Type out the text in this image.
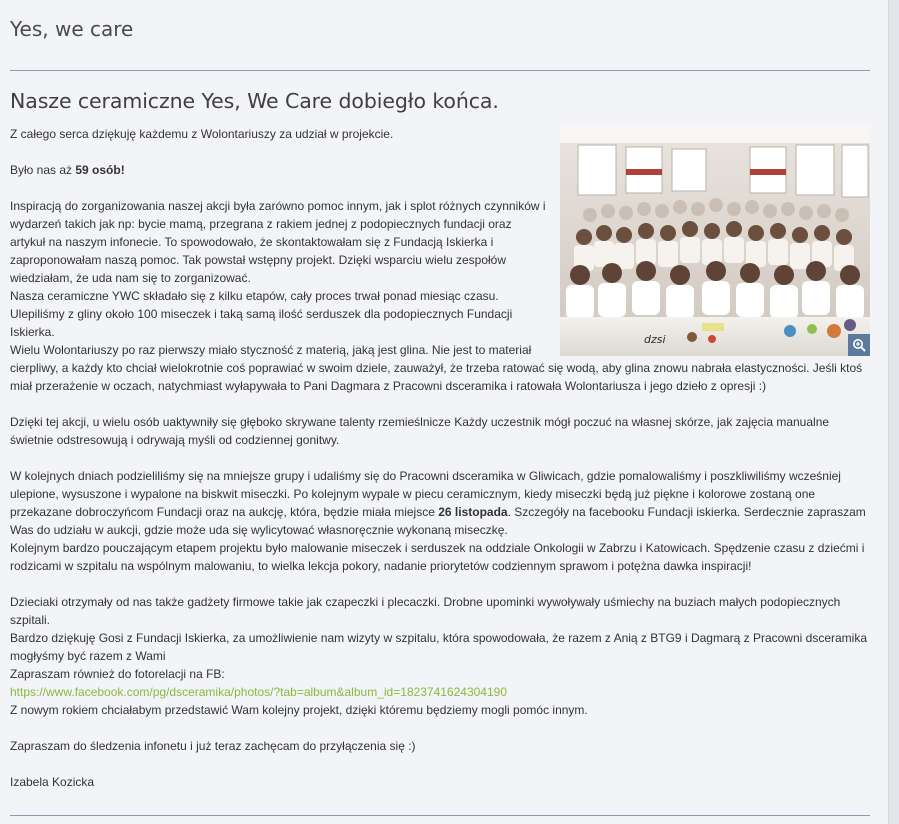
Yes, we care
Nasze ceramiczne Yes, We Care dobiegło końca.
dzsi

Z całego serca dziękuję każdemu z Wolontariuszy za udział w projekcie.

Było nas aż 59 osób!

Inspiracją do zorganizowania naszej akcji była zarówno pomoc innym, jak i splot różnych czynników i wydarzeń takich jak np: bycie mamą, przegrana z rakiem jednej z podopiecznych fundacji oraz artykuł na naszym infonecie. To spowodowało, że skontaktowałam się z Fundacją Iskierka i zaproponowałam naszą pomoc. Tak powstał wstępny projekt. Dzięki wsparciu wielu zespołów wiedziałam, że uda nam się to zorganizować.

Nasza ceramiczne YWC składało się z kilku etapów, cały proces trwał ponad miesiąc czasu.

Ulepiliśmy z gliny około 100 miseczek i taką samą ilość serduszek dla podopiecznych Fundacji Iskierka.

Wielu Wolontariuszy po raz pierwszy miało styczność z materią, jaką jest glina. Nie jest to materiał cierpliwy, a każdy kto chciał wielokrotnie coś poprawiać w swoim dziele, zauważył, że trzeba ratować się wodą, aby glina znowu nabrała elastyczności. Jeśli ktoś miał przerażenie w oczach, natychmiast wyłapywała to Pani Dagmara z Pracowni dsceramika i ratowała Wolontariusza i jego dzieło z opresji :)

Dzięki tej akcji, u wielu osób uaktywniły się głęboko skrywane talenty rzemieślnicze Każdy uczestnik mógł poczuć na własnej skórze, jak zajęcia manualne świetnie odstresowują i odrywają myśli od codziennej gonitwy.

W kolejnych dniach podzieliliśmy się na mniejsze grupy i udaliśmy się do Pracowni dsceramika w Gliwicach, gdzie pomalowaliśmy i poszkliwiliśmy wcześniej ulepione, wysuszone i wypalone na biskwit miseczki. Po kolejnym wypale w piecu ceramicznym, kiedy miseczki będą już piękne i kolorowe zostaną one przekazane dobroczyńcom Fundacji oraz na aukcję, która, będzie miała miejsce 26 listopada. Szczegóły na facebooku Fundacji iskierka. Serdecznie zapraszam Was do udziału w aukcji, gdzie może uda się wylicytować własnoręcznie wykonaną miseczkę.

Kolejnym bardzo pouczającym etapem projektu było malowanie miseczek i serduszek na oddziale Onkologii w Zabrzu i Katowicach. Spędzenie czasu z dziećmi i rodzicami w szpitalu na wspólnym malowaniu, to wielka lekcja pokory, nadanie priorytetów codziennym sprawom i potężna dawka inspiracji!

Dzieciaki otrzymały od nas także gadżety firmowe takie jak czapeczki i plecaczki. Drobne upominki wywoływały uśmiechy na buziach małych podopiecznych szpitali.

Bardzo dziękuję Gosi z Fundacji Iskierka, za umożliwienie nam wizyty w szpitalu, która spowodowała, że razem z Anią z BTG9 i Dagmarą z Pracowni dsceramika mogłyśmy być razem z Wami

Zapraszam również do fotorelacji na FB:

https://www.facebook.com/pg/dsceramika/photos/?tab=album&album_id=1823741624304190

Z nowym rokiem chciałabym przedstawić Wam kolejny projekt, dzięki któremu będziemy mogli pomóc innym.

Zapraszam do śledzenia infonetu i już teraz zachęcam do przyłączenia się :)

Izabela Kozicka
